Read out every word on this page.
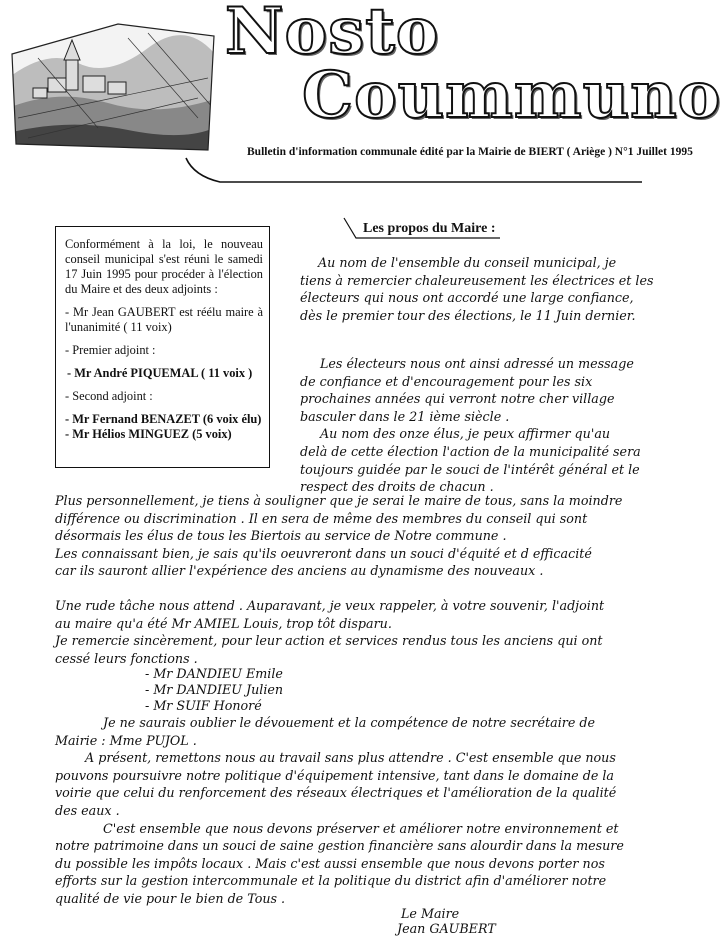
Nosto
Coummuno
Bulletin d'information communale édité par la Mairie de BIERT ( Ariège ) N°1 Juillet 1995

Conformément à la loi, le nouveau conseil municipal s'est réuni le samedi 17 Juin 1995 pour procéder à l'élection du Maire et des deux adjoints :

- Mr Jean GAUBERT est réélu maire à l'unanimité ( 11 voix)

- Premier adjoint :

- Mr André PIQUEMAL ( 11 voix )

- Second adjoint :

- Mr Fernand BENAZET (6 voix élu)

- Mr Hélios MINGUEZ (5 voix)

Les propos du Maire :
Au nom de l'ensemble du conseil municipal, je
tiens à remercier chaleureusement les électrices et les
électeurs qui nous ont accordé une large confiance,
dès le premier tour des élections, le 11 Juin dernier.
Les électeurs nous ont ainsi adressé un message
de confiance et d'encouragement pour les six
prochaines années qui verront notre cher village
basculer dans le 21 ième siècle .
Au nom des onze élus, je peux affirmer qu'au
delà de cette élection l'action de la municipalité sera
toujours guidée par le souci de l'intérêt général et le
respect des droits de chacun .
Plus personnellement, je tiens à souligner que je serai le maire de tous, sans la moindre
différence ou discrimination . Il en sera de même des membres du conseil qui sont
désormais les élus de tous les Biertois au service de Notre commune .
Les connaissant bien, je sais qu'ils oeuvreront dans un souci d'équité et d efficacité
car ils sauront allier l'expérience des anciens au dynamisme des nouveaux .
Une rude tâche nous attend . Auparavant, je veux rappeler, à votre souvenir, l'adjoint
au maire qu'a été Mr AMIEL Louis, trop tôt disparu.
Je remercie sincèrement, pour leur action et services rendus tous les anciens qui ont
cessé leurs fonctions .
- Mr DANDIEU Emile
- Mr DANDIEU Julien
- Mr SUIF Honoré
Je ne saurais oublier le dévouement et la compétence de notre secrétaire de
Mairie : Mme PUJOL .
A présent, remettons nous au travail sans plus attendre . C'est ensemble que nous
pouvons poursuivre notre politique d'équipement intensive, tant dans le domaine de la
voirie que celui du renforcement des réseaux électriques et l'amélioration de la qualité
des eaux .
C'est ensemble que nous devons préserver et améliorer notre environnement et
notre patrimoine dans un souci de saine gestion financière sans alourdir dans la mesure
du possible les impôts locaux . Mais c'est aussi ensemble que nous devons porter nos
efforts sur la gestion intercommunale et la politique du district afin d'améliorer notre
qualité de vie pour le bien de Tous .
Le Maire
Jean GAUBERT
